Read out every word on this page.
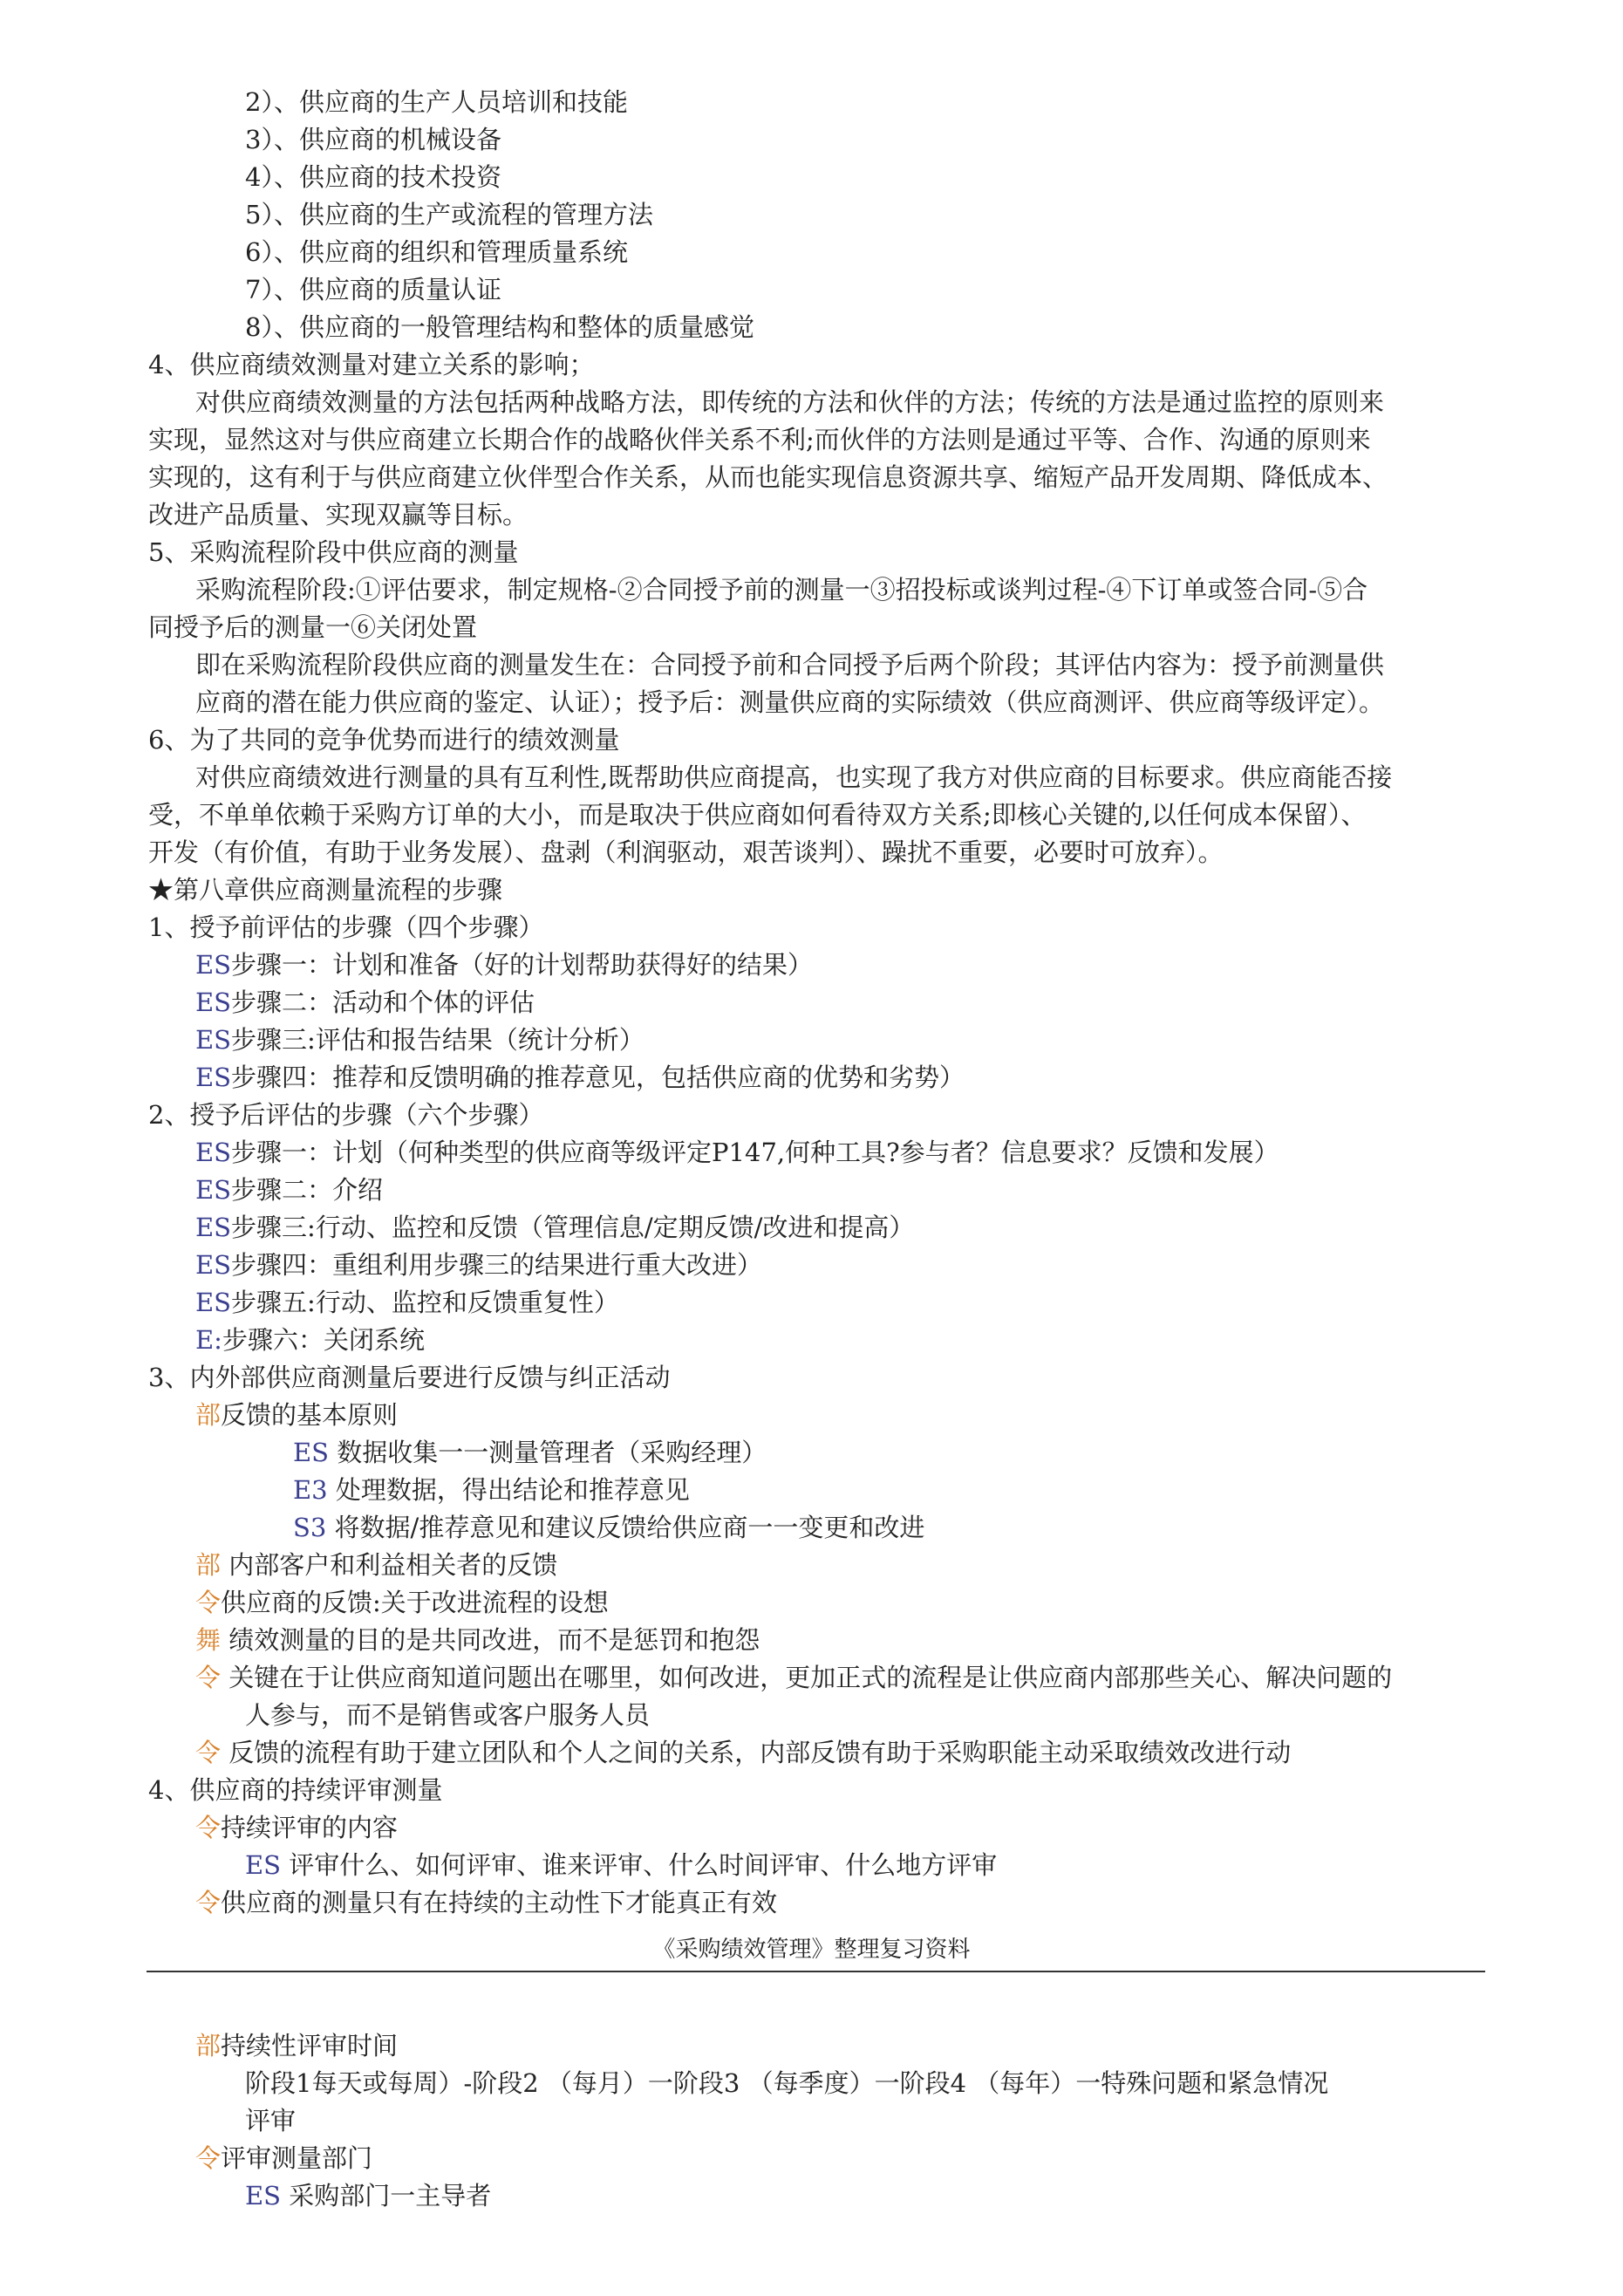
2）、供应商的生产人员培训和技能
3）、供应商的机械设备
4）、供应商的技术投资
5）、供应商的生产或流程的管理方法
6）、供应商的组织和管理质量系统
7）、供应商的质量认证
8）、供应商的一般管理结构和整体的质量感觉
4、供应商绩效测量对建立关系的影响；
对供应商绩效测量的方法包括两种战略方法，即传统的方法和伙伴的方法；传统的方法是通过监控的原则来
实现，显然这对与供应商建立长期合作的战略伙伴关系不利;而伙伴的方法则是通过平等、合作、沟通的原则来
实现的，这有利于与供应商建立伙伴型合作关系，从而也能实现信息资源共享、缩短产品开发周期、降低成本、
改进产品质量、实现双赢等目标。
5、采购流程阶段中供应商的测量
采购流程阶段:①评估要求，制定规格-②合同授予前的测量一③招投标或谈判过程-④下订单或签合同-⑤合
同授予后的测量一⑥关闭处置
即在采购流程阶段供应商的测量发生在：合同授予前和合同授予后两个阶段；其评估内容为：授予前测量供
应商的潜在能力供应商的鉴定、认证）；授予后：测量供应商的实际绩效（供应商测评、供应商等级评定）。
6、为了共同的竞争优势而进行的绩效测量
对供应商绩效进行测量的具有互利性,既帮助供应商提高，也实现了我方对供应商的目标要求。供应商能否接
受，不单单依赖于采购方订单的大小，而是取决于供应商如何看待双方关系;即核心关键的,以任何成本保留）、
开发（有价值，有助于业务发展）、盘剥（利润驱动，艰苦谈判）、躁扰不重要，必要时可放弃）。
★第八章供应商测量流程的步骤
1、授予前评估的步骤（四个步骤）
ES步骤一：计划和准备（好的计划帮助获得好的结果）
ES步骤二：活动和个体的评估
ES步骤三:评估和报告结果（统计分析）
ES步骤四：推荐和反馈明确的推荐意见，包括供应商的优势和劣势）
2、授予后评估的步骤（六个步骤）
ES步骤一：计划（何种类型的供应商等级评定P147,何种工具?参与者？信息要求？反馈和发展）
ES步骤二：介绍
ES步骤三:行动、监控和反馈（管理信息/定期反馈/改进和提高）
ES步骤四：重组利用步骤三的结果进行重大改进）
ES步骤五:行动、监控和反馈重复性）
E:步骤六：关闭系统
3、内外部供应商测量后要进行反馈与纠正活动
部反馈的基本原则
ES 数据收集一一测量管理者（采购经理）
E3 处理数据，得出结论和推荐意见
S3 将数据/推荐意见和建议反馈给供应商一一变更和改进
部 内部客户和利益相关者的反馈
令供应商的反馈:关于改进流程的设想
舞 绩效测量的目的是共同改进，而不是惩罚和抱怨
令 关键在于让供应商知道问题出在哪里，如何改进，更加正式的流程是让供应商内部那些关心、解决问题的
人参与，而不是销售或客户服务人员
令 反馈的流程有助于建立团队和个人之间的关系，内部反馈有助于采购职能主动采取绩效改进行动
4、供应商的持续评审测量
令持续评审的内容
ES 评审什么、如何评审、谁来评审、什么时间评审、什么地方评审
令供应商的测量只有在持续的主动性下才能真正有效
《采购绩效管理》整理复习资料
部持续性评审时间
阶段1每天或每周）-阶段2 （每月）一阶段3 （每季度）一阶段4 （每年）一特殊问题和紧急情况
评审
令评审测量部门
ES 采购部门一主导者
